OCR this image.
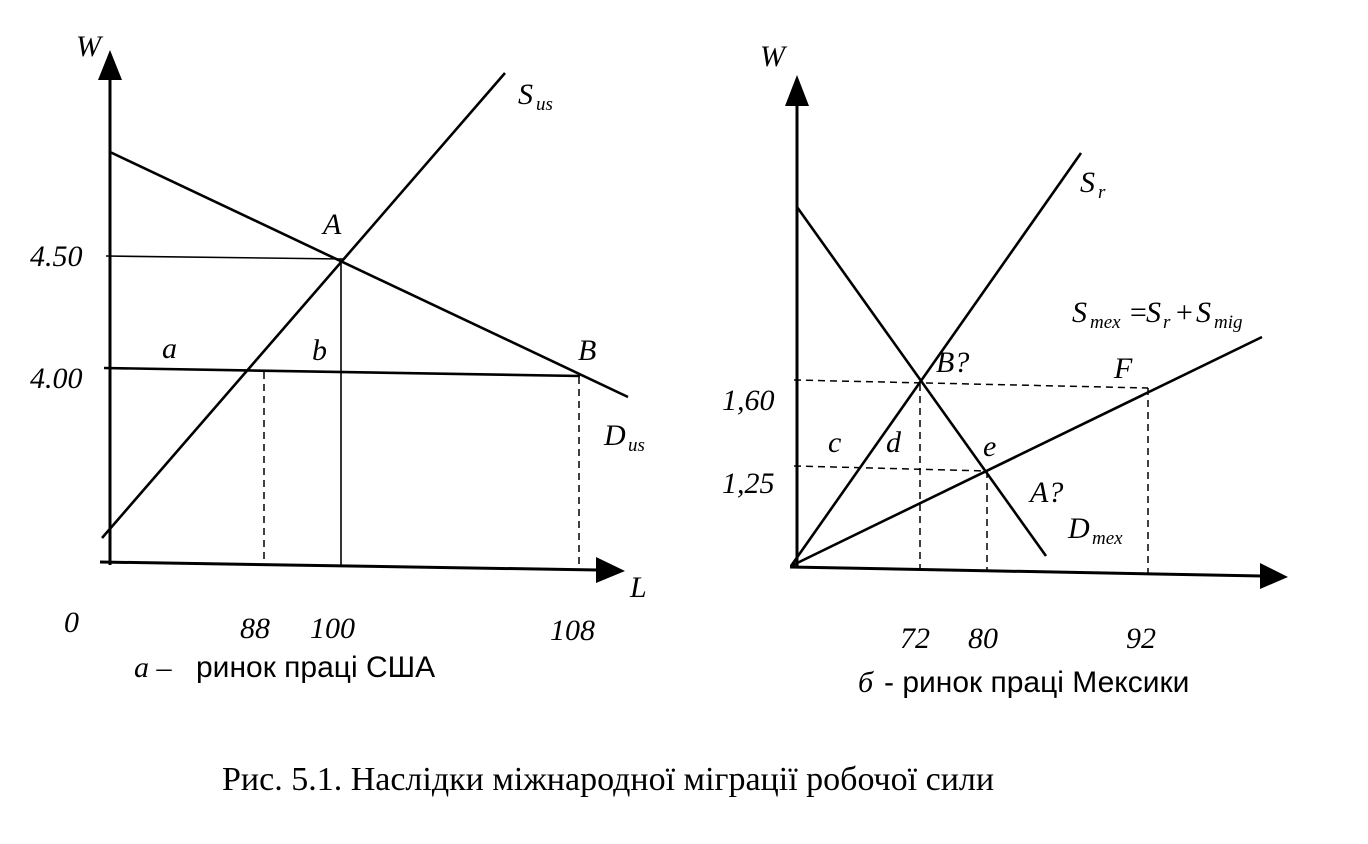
W
L
0
4.50
4.00
88 100	108
A
B
a	b
S us
D us
a – ринок праці США
W
1,60
1,25
72 80	92
B?
A?
F
c d	e
S r
D mex
S mex =
S r + S mig
б - ринок праці Мексики
Рис. 5.1. Наслідки міжнародної міграції робочої сили
